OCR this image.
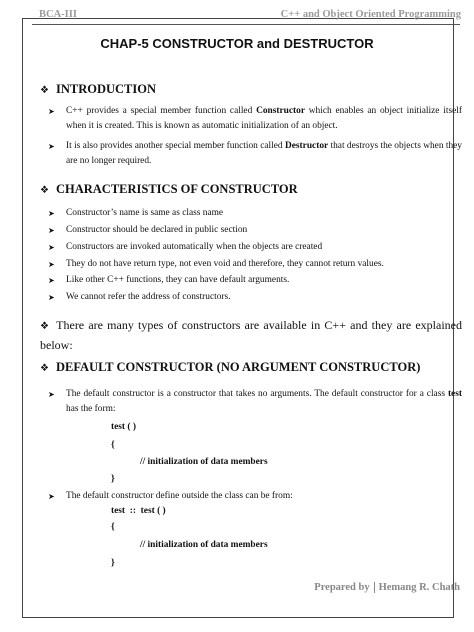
BCA-III	C++ and Object Oriented Programming
CHAP-5 CONSTRUCTOR and DESTRUCTOR
❖ INTRODUCTION
➤ C++ provides a special member function called Constructor which enables an object initialize itself when it is created. This is known as automatic initialization of an object.
➤ It is also provides another special member function called Destructor that destroys the objects when they are no longer required.
❖ CHARACTERISTICS OF CONSTRUCTOR
➤ Constructor’s name is same as class name
➤ Constructor should be declared in public section
➤ Constructors are invoked automatically when the objects are created
➤ They do not have return type, not even void and therefore, they cannot return values.
➤ Like other C++ functions, they can have default arguments.
➤ We cannot refer the address of constructors.
❖ There are many types of constructors are available in C++ and they are explained below:
❖ DEFAULT CONSTRUCTOR (NO ARGUMENT CONSTRUCTOR)
➤ The default constructor is a constructor that takes no arguments. The default constructor for a class test has the form:
test ( )
{
// initialization of data members
}
➤ The default constructor define outside the class can be from:
test  ::  test ( )
{
// initialization of data members
}
Prepared by Hemang R. Chath
